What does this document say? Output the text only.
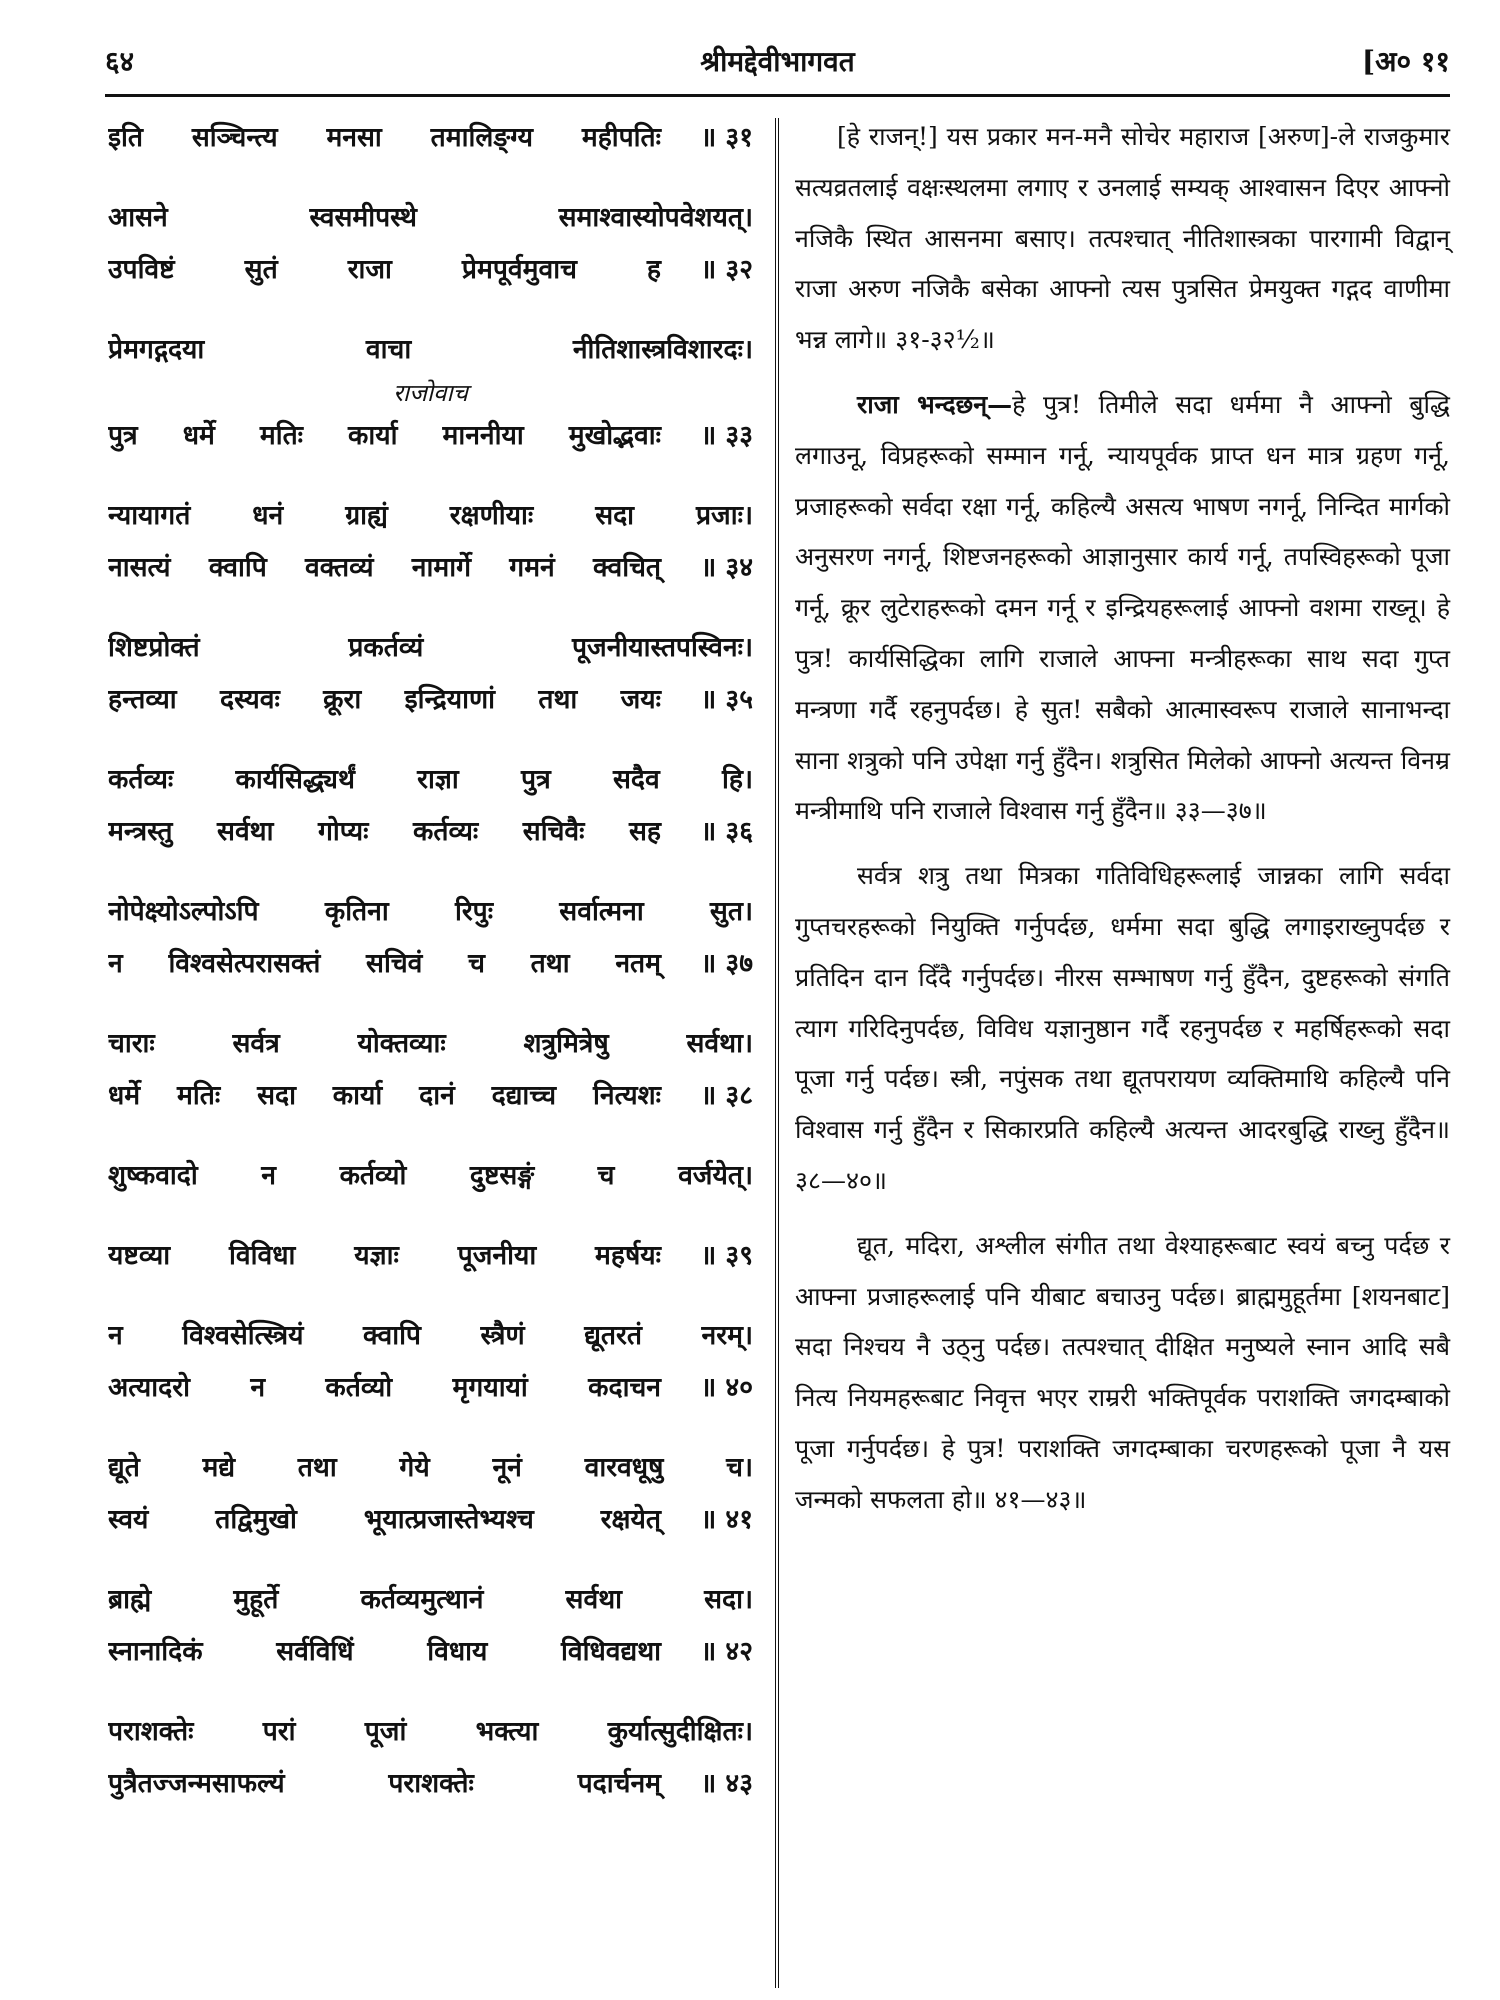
६४	श्रीमद्देवीभागवत	[अ० ११
इति सञ्चिन्त्य मनसा तमालिङ्ग्य महीपतिः	॥ ३१
आसने स्वसमीपस्थे समाश्वास्योपवेशयत्।
उपविष्टं सुतं राजा प्रेमपूर्वमुवाच ह	॥ ३२
प्रेमगद्गदया वाचा नीतिशास्त्रविशारदः।
राजोवाच
पुत्र धर्मे मतिः कार्या माननीया मुखोद्भवाः	॥ ३३
न्यायागतं धनं ग्राह्यं रक्षणीयाः सदा प्रजाः।
नासत्यं क्वापि वक्तव्यं नामार्गे गमनं क्वचित्	॥ ३४
शिष्टप्रोक्तं प्रकर्तव्यं पूजनीयास्तपस्विनः।
हन्तव्या दस्यवः क्रूरा इन्द्रियाणां तथा जयः	॥ ३५
कर्तव्यः कार्यसिद्ध्यर्थं राज्ञा पुत्र सदैव हि।
मन्त्रस्तु सर्वथा गोप्यः कर्तव्यः सचिवैः सह	॥ ३६
नोपेक्ष्योऽल्पोऽपि कृतिना रिपुः सर्वात्मना सुत।
न विश्वसेत्परासक्तं सचिवं च तथा नतम्	॥ ३७
चाराः सर्वत्र योक्तव्याः शत्रुमित्रेषु सर्वथा।
धर्मे मतिः सदा कार्या दानं दद्याच्च नित्यशः	॥ ३८
शुष्कवादो न कर्तव्यो दुष्टसङ्गं च वर्जयेत्।
यष्टव्या विविधा यज्ञाः पूजनीया महर्षयः	॥ ३९
न विश्वसेत्स्त्रियं क्वापि स्त्रैणं द्यूतरतं नरम्।
अत्यादरो न कर्तव्यो मृगयायां कदाचन	॥ ४०
द्यूते मद्ये तथा गेये नूनं वारवधूषु च।
स्वयं तद्विमुखो भूयात्प्रजास्तेभ्यश्च रक्षयेत्	॥ ४१
ब्राह्मे मुहूर्ते कर्तव्यमुत्थानं सर्वथा सदा।
स्नानादिकं सर्वविधिं विधाय विधिवद्यथा	॥ ४२
पराशक्तेः परां पूजां भक्त्या कुर्यात्सुदीक्षितः।
पुत्रैतज्जन्मसाफल्यं पराशक्तेः पदार्चनम्	॥ ४३

[हे राजन्!] यस प्रकार मन-मनै सोचेर महाराज [अरुण]-ले राजकुमार सत्यव्रतलाई वक्षःस्थलमा लगाए र उनलाई सम्यक् आश्वासन दिएर आफ्नो नजिकै स्थित आसनमा बसाए। तत्पश्चात् नीतिशास्त्रका पारगामी विद्वान् राजा अरुण नजिकै बसेका आफ्नो त्यस पुत्रसित प्रेमयुक्त गद्गद वाणीमा भन्न लागे॥ ३१-३२½॥

राजा भन्दछन्—हे पुत्र! तिमीले सदा धर्ममा नै आफ्नो बुद्धि लगाउनू, विप्रहरूको सम्मान गर्नू, न्यायपूर्वक प्राप्त धन मात्र ग्रहण गर्नू, प्रजाहरूको सर्वदा रक्षा गर्नू, कहिल्यै असत्य भाषण नगर्नू, निन्दित मार्गको अनुसरण नगर्नू, शिष्टजनहरूको आज्ञानुसार कार्य गर्नू, तपस्विहरूको पूजा गर्नू, क्रूर लुटेराहरूको दमन गर्नू र इन्द्रियहरूलाई आफ्नो वशमा राख्नू। हे पुत्र! कार्यसिद्धिका लागि राजाले आफ्ना मन्त्रीहरूका साथ सदा गुप्त मन्त्रणा गर्दै रहनुपर्दछ। हे सुत! सबैको आत्मास्वरूप राजाले सानाभन्दा साना शत्रुको पनि उपेक्षा गर्नु हुँदैन। शत्रुसित मिलेको आफ्नो अत्यन्त विनम्र मन्त्रीमाथि पनि राजाले विश्वास गर्नु हुँदैन॥ ३३—३७॥

सर्वत्र शत्रु तथा मित्रका गतिविधिहरूलाई जान्नका लागि सर्वदा गुप्तचरहरूको नियुक्ति गर्नुपर्दछ, धर्ममा सदा बुद्धि लगाइराख्नुपर्दछ र प्रतिदिन दान दिँदै गर्नुपर्दछ। नीरस सम्भाषण गर्नु हुँदैन, दुष्टहरूको संगति त्याग गरिदिनुपर्दछ, विविध यज्ञानुष्ठान गर्दै रहनुपर्दछ र महर्षिहरूको सदा पूजा गर्नु पर्दछ। स्त्री, नपुंसक तथा द्यूतपरायण व्यक्तिमाथि कहिल्यै पनि विश्वास गर्नु हुँदैन र सिकारप्रति कहिल्यै अत्यन्त आदरबुद्धि राख्नु हुँदैन॥ ३८—४०॥

द्यूत, मदिरा, अश्लील संगीत तथा वेश्याहरूबाट स्वयं बच्नु पर्दछ र आफ्ना प्रजाहरूलाई पनि यीबाट बचाउनु पर्दछ। ब्राह्ममुहूर्तमा [शयनबाट] सदा निश्चय नै उठ्नु पर्दछ। तत्पश्चात् दीक्षित मनुष्यले स्नान आदि सबै नित्य नियमहरूबाट निवृत्त भएर राम्ररी भक्तिपूर्वक पराशक्ति जगदम्बाको पूजा गर्नुपर्दछ। हे पुत्र! पराशक्ति जगदम्बाका चरणहरूको पूजा नै यस जन्मको सफलता हो॥ ४१—४३॥
